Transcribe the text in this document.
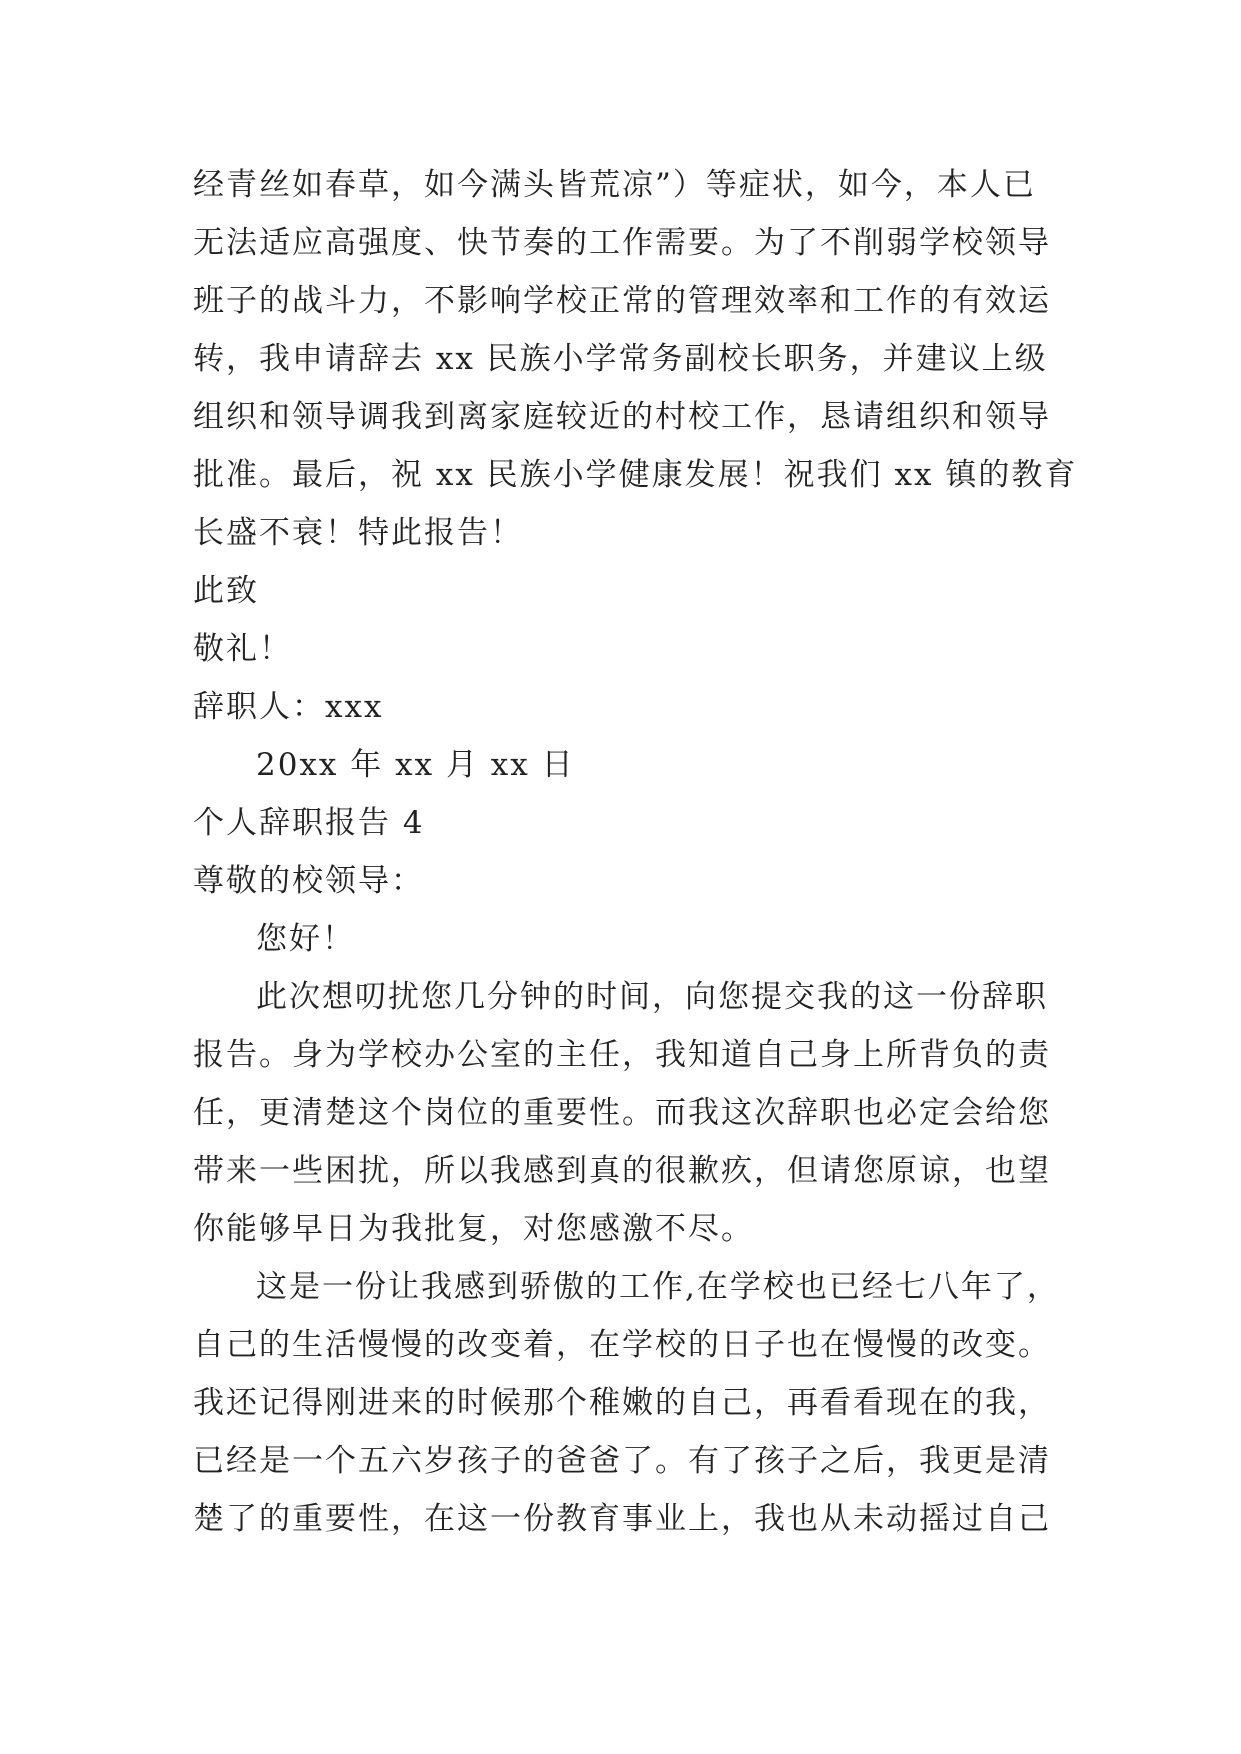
经青丝如春草，如今满头皆荒凉”）等症状，如今，本人已
无法适应高强度、快节奏的工作需要。为了不削弱学校领导
班子的战斗力，不影响学校正常的管理效率和工作的有效运
转，我申请辞去 xx 民族小学常务副校长职务，并建议上级
组织和领导调我到离家庭较近的村校工作，恳请组织和领导
批准。最后，祝 xx 民族小学健康发展！祝我们 xx 镇的教育
长盛不衰！特此报告！
此致
敬礼！
辞职人：xxx
20xx 年 xx 月 xx 日
个人辞职报告 4
尊敬的校领导：
您好！
此次想叨扰您几分钟的时间，向您提交我的这一份辞职
报告。身为学校办公室的主任，我知道自己身上所背负的责
任，更清楚这个岗位的重要性。而我这次辞职也必定会给您
带来一些困扰，所以我感到真的很歉疚，但请您原谅，也望
你能够早日为我批复，对您感激不尽。
这是一份让我感到骄傲的工作,在学校也已经七八年了，
自己的生活慢慢的改变着，在学校的日子也在慢慢的改变。
我还记得刚进来的时候那个稚嫩的自己，再看看现在的我，
已经是一个五六岁孩子的爸爸了。有了孩子之后，我更是清
楚了的重要性，在这一份教育事业上，我也从未动摇过自己
